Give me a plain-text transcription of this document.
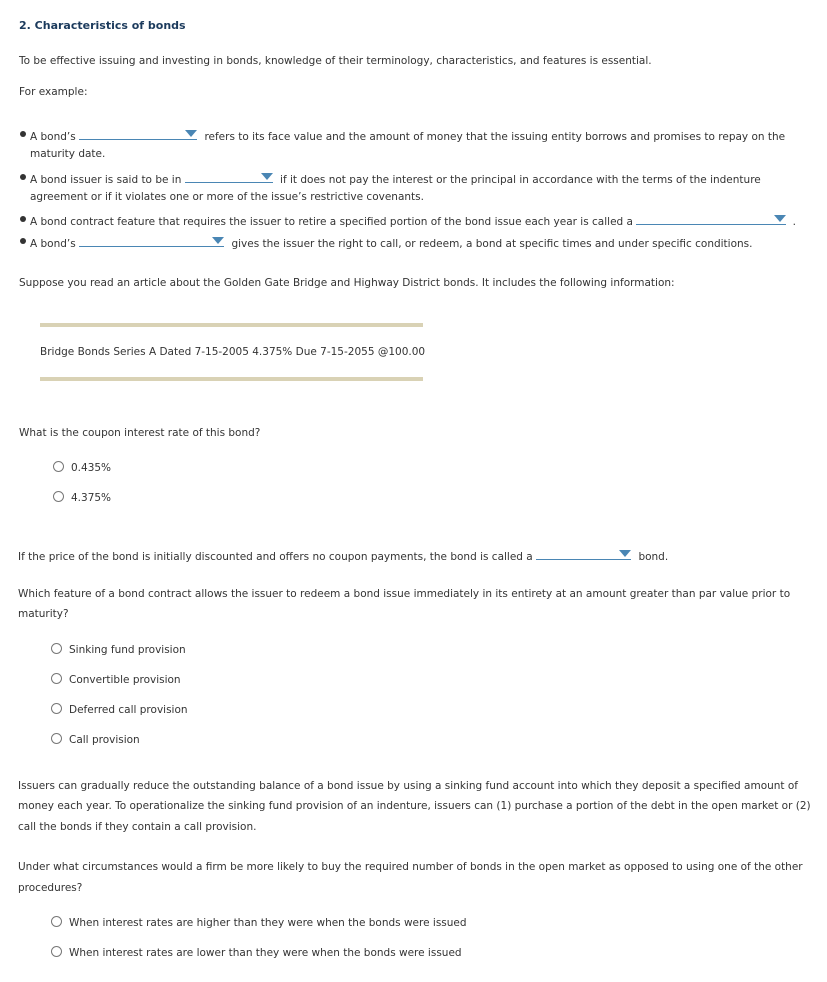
2. Characteristics of bonds
To be effective issuing and investing in bonds, knowledge of their terminology, characteristics, and features is essential.
For example:
A bond’s	refers to its face value and the amount of money that the issuing entity borrows and promises to repay on the
maturity date.
A bond issuer is said to be in	if it does not pay the interest or the principal in accordance with the terms of the indenture
agreement or if it violates one or more of the issue’s restrictive covenants.
A bond contract feature that requires the issuer to retire a specified portion of the bond issue each year is called a	.
A bond’s	gives the issuer the right to call, or redeem, a bond at specific times and under specific conditions.
Suppose you read an article about the Golden Gate Bridge and Highway District bonds. It includes the following information:
Bridge Bonds Series A Dated 7-15-2005 4.375% Due 7-15-2055 @100.00
What is the coupon interest rate of this bond?
0.435%
4.375%
If the price of the bond is initially discounted and offers no coupon payments, the bond is called a	bond.
Which feature of a bond contract allows the issuer to redeem a bond issue immediately in its entirety at an amount greater than par value prior to
maturity?
Sinking fund provision
Convertible provision
Deferred call provision
Call provision
Issuers can gradually reduce the outstanding balance of a bond issue by using a sinking fund account into which they deposit a specified amount of
money each year. To operationalize the sinking fund provision of an indenture, issuers can (1) purchase a portion of the debt in the open market or (2)
call the bonds if they contain a call provision.
Under what circumstances would a firm be more likely to buy the required number of bonds in the open market as opposed to using one of the other
procedures?
When interest rates are higher than they were when the bonds were issued
When interest rates are lower than they were when the bonds were issued
